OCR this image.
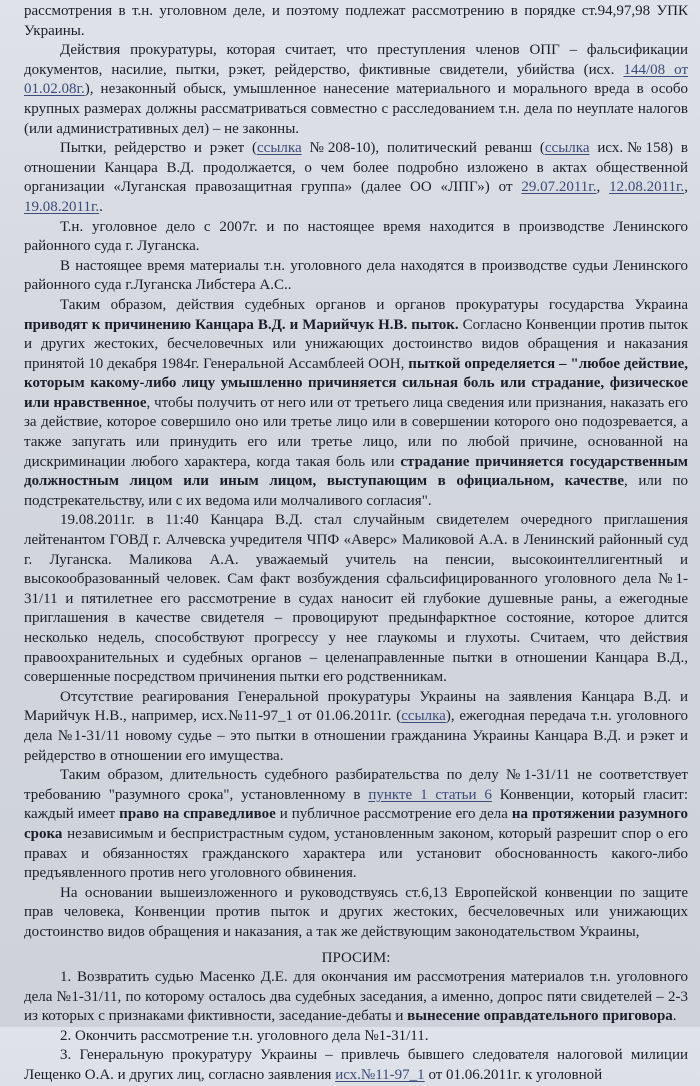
рассмотрения в т.н. уголовном деле, и поэтому подлежат рассмотрению в порядке ст.94,97,98 УПК Украины.

Действия прокуратуры, которая считает, что преступления членов ОПГ – фальсификации документов, насилие, пытки, рэкет, рейдерство, фиктивные свидетели, убийства (исх. 144/08 от 01.02.08г.), незаконный обыск, умышленное нанесение материального и морального вреда в особо крупных размерах должны рассматриваться совместно с расследованием т.н. дела по неуплате налогов (или административных дел) – не законны.

Пытки, рейдерство и рэкет (ссылка №208-10), политический реванш (ссылка исх.№158) в отношении Канцара В.Д. продолжается, о чем более подробно изложено в актах общественной организации «Луганская правозащитная группа» (далее ОО «ЛПГ») от 29.07.2011г., 12.08.2011г., 19.08.2011г..

Т.н. уголовное дело с 2007г. и по настоящее время находится в производстве Ленинского районного суда г. Луганска.

В настоящее время материалы т.н. уголовного дела находятся в производстве судьи Ленинского районного суда г.Луганска Либстера А.С..

Таким образом, действия судебных органов и органов прокуратуры государства Украина приводят к причинению Канцара В.Д. и Марийчук Н.В. пыток. Согласно Конвенции против пыток и других жестоких, бесчеловечных или унижающих достоинство видов обращения и наказания принятой 10 декабря 1984г. Генеральной Ассамблеей ООН, пыткой определяется – "любое действие, которым какому-либо лицу умышленно причиняется сильная боль или страдание, физическое или нравственное, чтобы получить от него или от третьего лица сведения или признания, наказать его за действие, которое совершило оно или третье лицо или в совершении которого оно подозревается, а также запугать или принудить его или третье лицо, или по любой причине, основанной на дискриминации любого характера, когда такая боль или страдание причиняется государственным должностным лицом или иным лицом, выступающим в официальном, качестве, или по подстрекательству, или с их ведома или молчаливого согласия".

19.08.2011г. в 11:40 Канцара В.Д. стал случайным свидетелем очередного приглашения лейтенантом ГОВД г. Алчевска учредителя ЧПФ «Аверс» Маликовой А.А. в Ленинский районный суд г. Луганска. Маликова А.А. уважаемый учитель на пенсии, высокоинтеллигентный и высокообразованный человек. Сам факт возбуждения сфальсифицированного уголовного дела №1-31/11 и пятилетнее его рассмотрение в судах наносит ей глубокие душевные раны, а ежегодные приглашения в качестве свидетеля – провоцируют предынфарктное состояние, которое длится несколько недель, способствуют прогрессу у нее глаукомы и глухоты. Считаем, что действия правоохранительных и судебных органов – целенаправленные пытки в отношении Канцара В.Д., совершенные посредством причинения пытки его родственникам.

Отсутствие реагирования Генеральной прокуратуры Украины на заявления Канцара В.Д. и Марийчук Н.В., например, исх.№11-97_1 от 01.06.2011г. (ссылка), ежегодная передача т.н. уголовного дела №1-31/11 новому судье – это пытки в отношении гражданина Украины Канцара В.Д. и рэкет и рейдерство в отношении его имущества.

Таким образом, длительность судебного разбирательства по делу №1-31/11 не соответствует требованию "разумного срока", установленному в пункте 1 статьи 6 Конвенции, который гласит: каждый имеет право на справедливое и публичное рассмотрение его дела на протяжении разумного срока независимым и беспристрастным судом, установленным законом, который разрешит спор о его правах и обязанностях гражданского характера или установит обоснованность какого-либо предъявленного против него уголовного обвинения.

На основании вышеизложенного и руководствуясь ст.6,13 Европейской конвенции по защите прав человека, Конвенции против пыток и других жестоких, бесчеловечных или унижающих достоинство видов обращения и наказания, а так же действующим законодательством Украины,

ПРОСИМ:

1. Возвратить судью Масенко Д.Е. для окончания им рассмотрения материалов т.н. уголовного дела №1-31/11, по которому осталось два судебных заседания, а именно, допрос пяти свидетелей – 2-3 из которых с признаками фиктивности, заседание-дебаты и вынесение оправдательного приговора.

2. Окончить рассмотрение т.н. уголовного дела №1-31/11.

3. Генеральную прокуратуру Украины – привлечь бывшего следователя налоговой милиции Лещенко О.А. и других лиц, согласно заявления исх.№11-97_1 от 01.06.2011г. к уголовной
